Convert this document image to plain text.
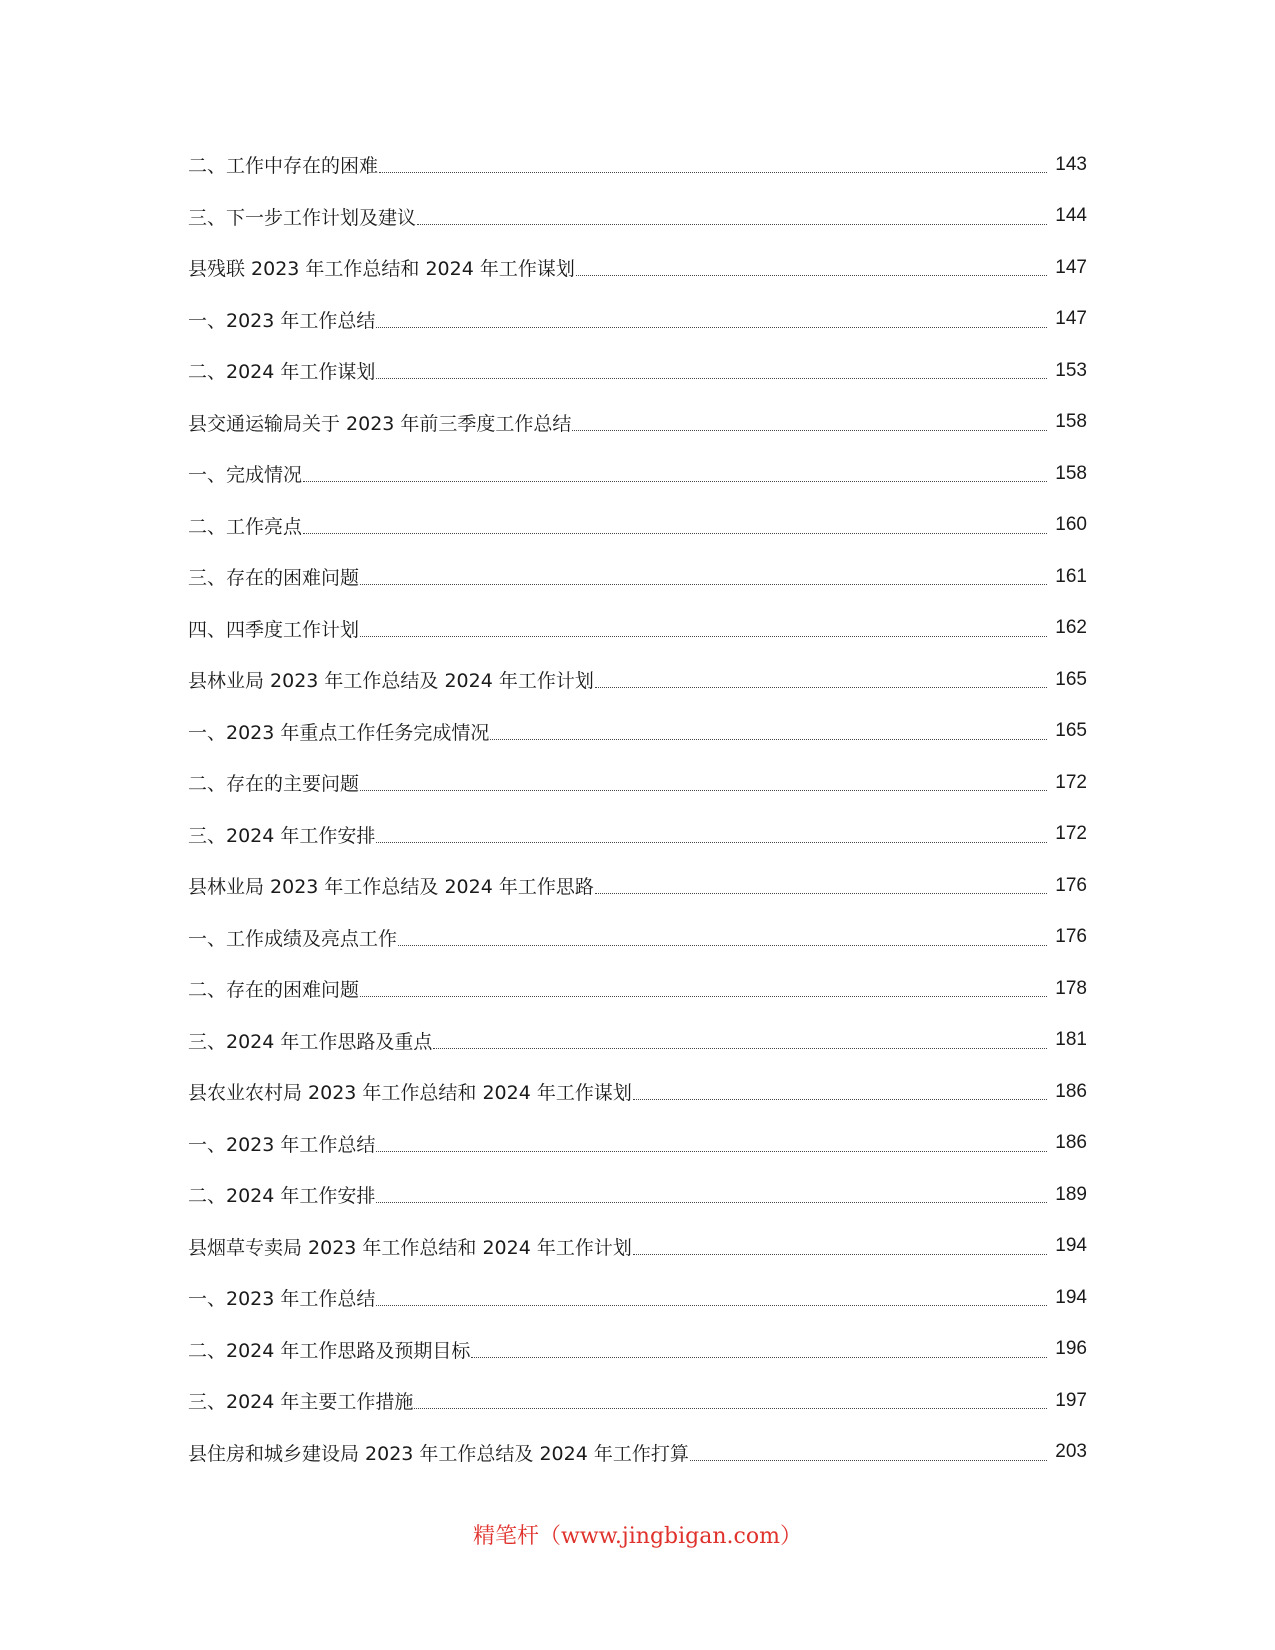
二、工作中存在的困难	143
三、下一步工作计划及建议	144
县残联 2023 年工作总结和 2024 年工作谋划	147
一、2023 年工作总结	147
二、2024 年工作谋划	153
县交通运输局关于 2023 年前三季度工作总结	158
一、完成情况	158
二、工作亮点	160
三、存在的困难问题	161
四、四季度工作计划	162
县林业局 2023 年工作总结及 2024 年工作计划	165
一、2023 年重点工作任务完成情况	165
二、存在的主要问题	172
三、2024 年工作安排	172
县林业局 2023 年工作总结及 2024 年工作思路	176
一、工作成绩及亮点工作	176
二、存在的困难问题	178
三、2024 年工作思路及重点	181
县农业农村局 2023 年工作总结和 2024 年工作谋划	186
一、2023 年工作总结	186
二、2024 年工作安排	189
县烟草专卖局 2023 年工作总结和 2024 年工作计划	194
一、2023 年工作总结	194
二、2024 年工作思路及预期目标	196
三、2024 年主要工作措施	197
县住房和城乡建设局 2023 年工作总结及 2024 年工作打算	203
精笔杆（www.jingbigan.com）
